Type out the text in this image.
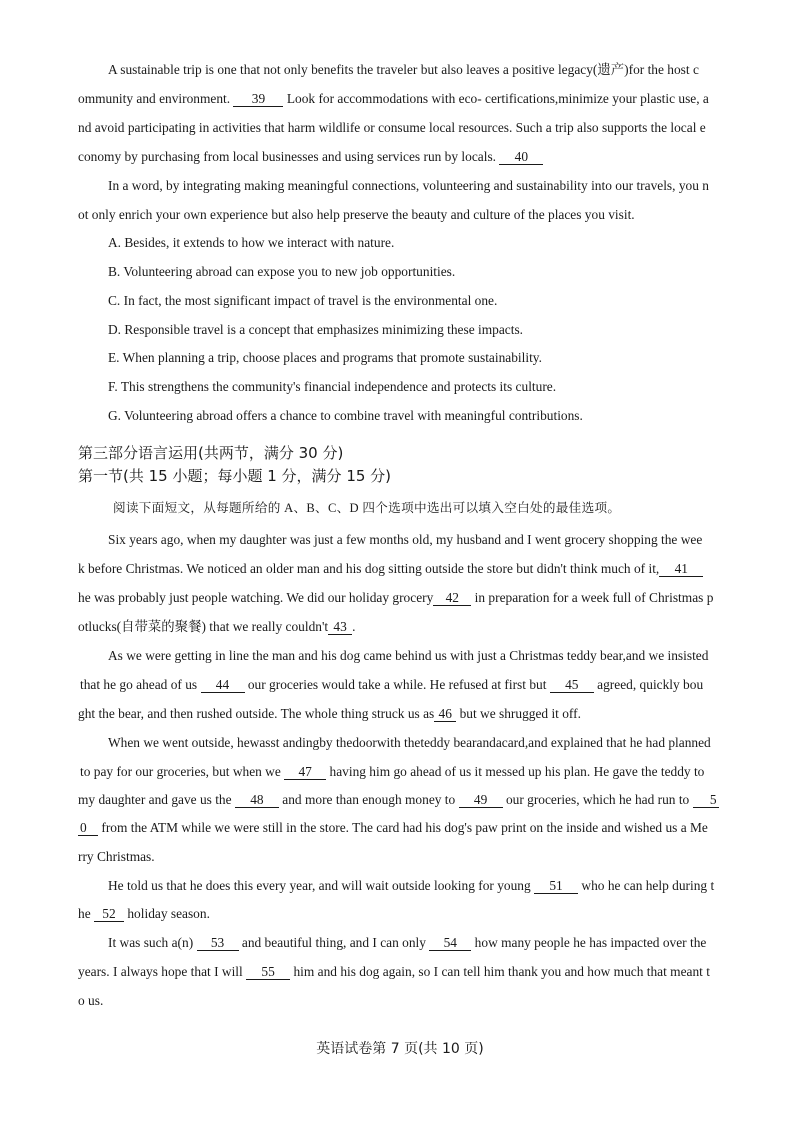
A sustainable trip is one that not only benefits the traveler but also leaves a positive legacy(遗产)for the host c
ommunity and environment. 39 Look for accommodations with eco- certifications,minimize your plastic use, a
nd avoid participating in activities that harm wildlife or consume local resources. Such a trip also supports the local e
conomy by purchasing from local businesses and using services run by locals. 40
In a word, by integrating making meaningful connections, volunteering and sustainability into our travels, you n
ot only enrich your own experience but also help preserve the beauty and culture of the places you visit.
A. Besides, it extends to how we interact with nature.
B. Volunteering abroad can expose you to new job opportunities.
C. In fact, the most significant impact of travel is the environmental one.
D. Responsible travel is a concept that emphasizes minimizing these impacts.
E. When planning a trip, choose places and programs that promote sustainability.
F. This strengthens the community's financial independence and protects its culture.
G. Volunteering abroad offers a chance to combine travel with meaningful contributions.
第三部分语言运用(共两节，满分 30 分)
第一节(共 15 小题；每小题 1 分，满分 15 分)
阅读下面短文，从每题所给的 A、B、C、D 四个选项中选出可以填入空白处的最佳选项。
Six years ago, when my daughter was just a few months old, my husband and I went grocery shopping the wee
k before Christmas. We noticed an older man and his dog sitting outside the store but didn't think much of it, 41
he was probably just people watching. We did our holiday grocery 42 in preparation for a week full of Christmas p
otlucks(自带菜的聚餐) that we really couldn't 43 .
As we were getting in line the man and his dog came behind us with just a Christmas teddy bear,and we insisted
that he go ahead of us 44 our groceries would take a while. He refused at first but 45 agreed, quickly bou
ght the bear, and then rushed outside. The whole thing struck us as 46 but we shrugged it off.
When we went outside, hewasst andingby thedoorwith theteddy bearandacard,and explained that he had planned
to pay for our groceries, but when we 47 having him go ahead of us it messed up his plan. He gave the teddy to
my daughter and gave us the 48 and more than enough money to 49 our groceries, which he had run to 5
0 from the ATM while we were still in the store. The card had his dog's paw print on the inside and wished us a Me
rry Christmas.
He told us that he does this every year, and will wait outside looking for young 51 who he can help during t
he 52 holiday season.
It was such a(n) 53 and beautiful thing, and I can only 54 how many people he has impacted over the
years. I always hope that I will 55 him and his dog again, so I can tell him thank you and how much that meant t
o us.
英语试卷第 7 页(共 10 页)
